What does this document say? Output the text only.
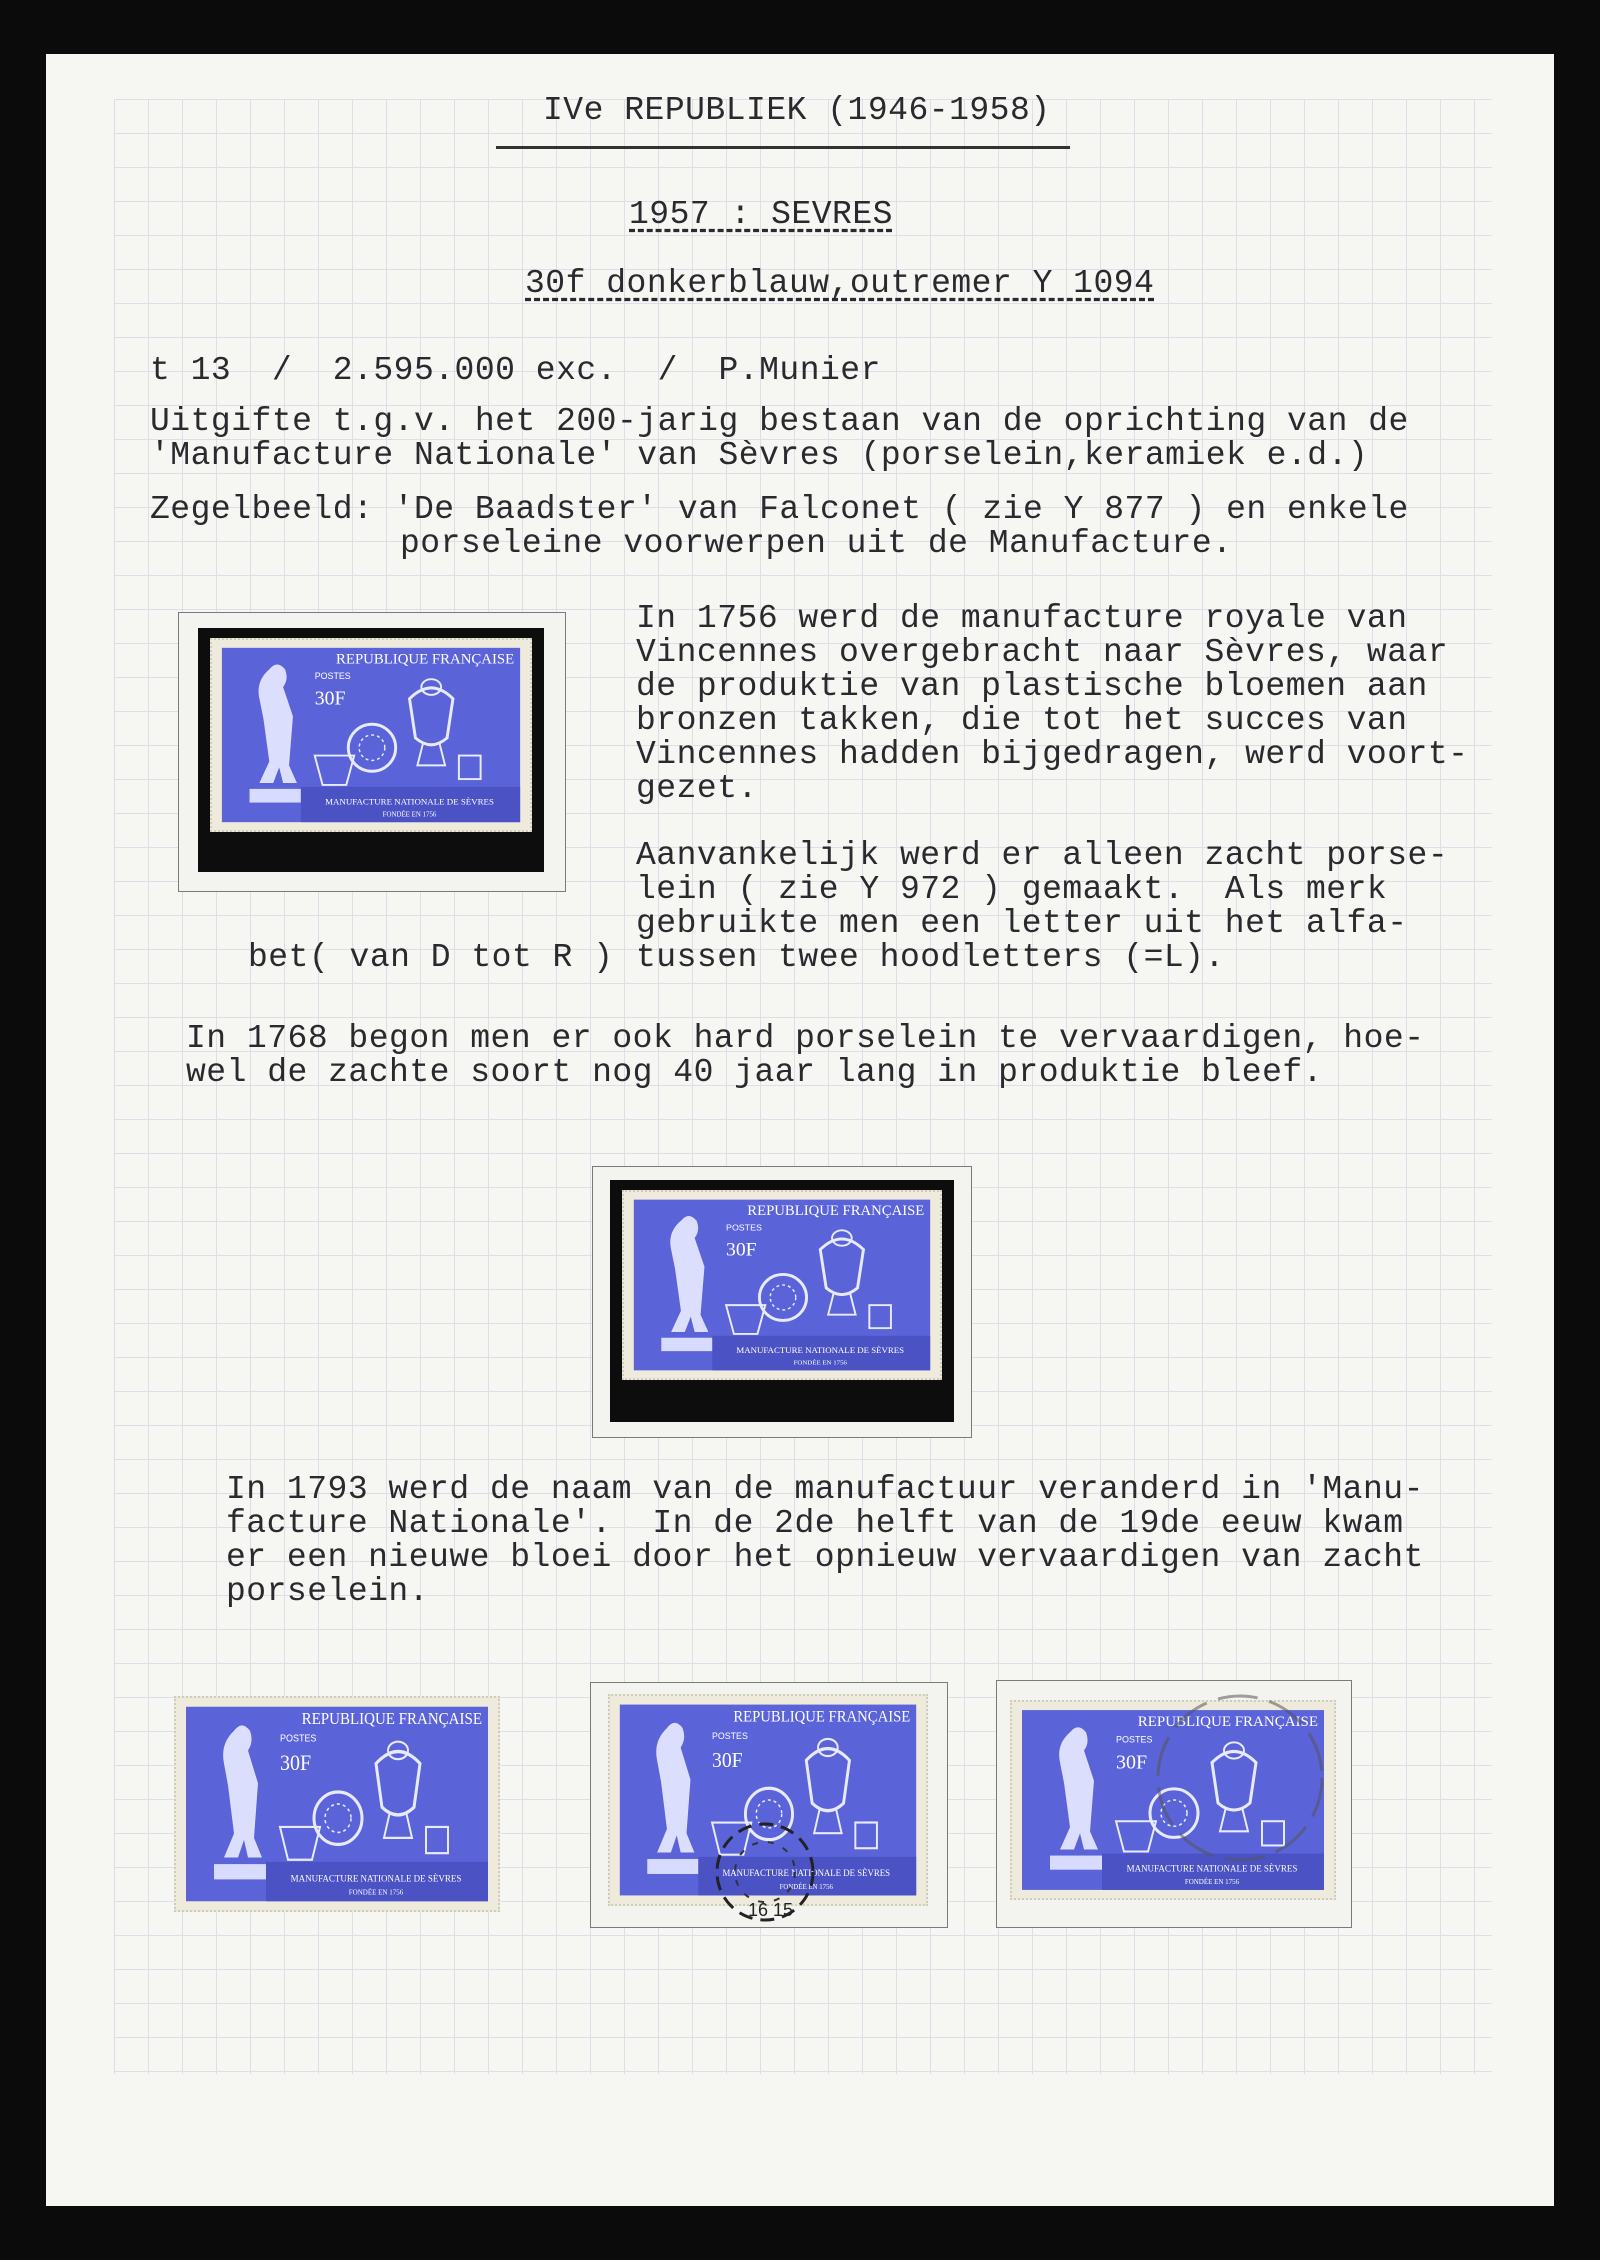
IVe REPUBLIEK (1946-1958)
1957 : SEVRES
30f donkerblauw,outremer Y 1094
t 13  /  2.595.000 exc.  /  P.Munier
Uitgifte t.g.v. het 200-jarig bestaan van de oprichting van de
'Manufacture Nationale' van Sèvres (porselein,keramiek e.d.)
Zegelbeeld: 'De Baadster' van Falconet ( zie Y 877 ) en enkele
porseleine voorwerpen uit de Manufacture.
In 1756 werd de manufacture royale van
Vincennes overgebracht naar Sèvres, waar
de produktie van plastische bloemen aan
bronzen takken, die tot het succes van
Vincennes hadden bijgedragen, werd voort-
gezet.
Aanvankelijk werd er alleen zacht porse-
lein ( zie Y 972 ) gemaakt.  Als merk
gebruikte men een letter uit het alfa-
bet( van D tot R ) tussen twee hoodletters (=L).
In 1768 begon men er ook hard porselein te vervaardigen, hoe-
wel de zachte soort nog 40 jaar lang in produktie bleef.
In 1793 werd de naam van de manufactuur veranderd in 'Manu-
facture Nationale'.  In de 2de helft van de 19de eeuw kwam
er een nieuwe bloei door het opnieuw vervaardigen van zacht
porselein.
REPUBLIQUE FRANÇAISE
POSTES
30F
MANUFACTURE NATIONALE DE SÈVRES
FONDÉE EN 1756
REPUBLIQUE FRANÇAISE
POSTES
30F
MANUFACTURE NATIONALE DE SÈVRES
FONDÉE EN 1756
REPUBLIQUE FRANÇAISE
POSTES
30F
MANUFACTURE NATIONALE DE SÈVRES
FONDÉE EN 1756
REPUBLIQUE FRANÇAISE
POSTES
30F
MANUFACTURE NATIONALE DE SÈVRES
FONDÉE EN 1756
16 15
REPUBLIQUE FRANÇAISE
POSTES
30F
MANUFACTURE NATIONALE DE SÈVRES
FONDÉE EN 1756
